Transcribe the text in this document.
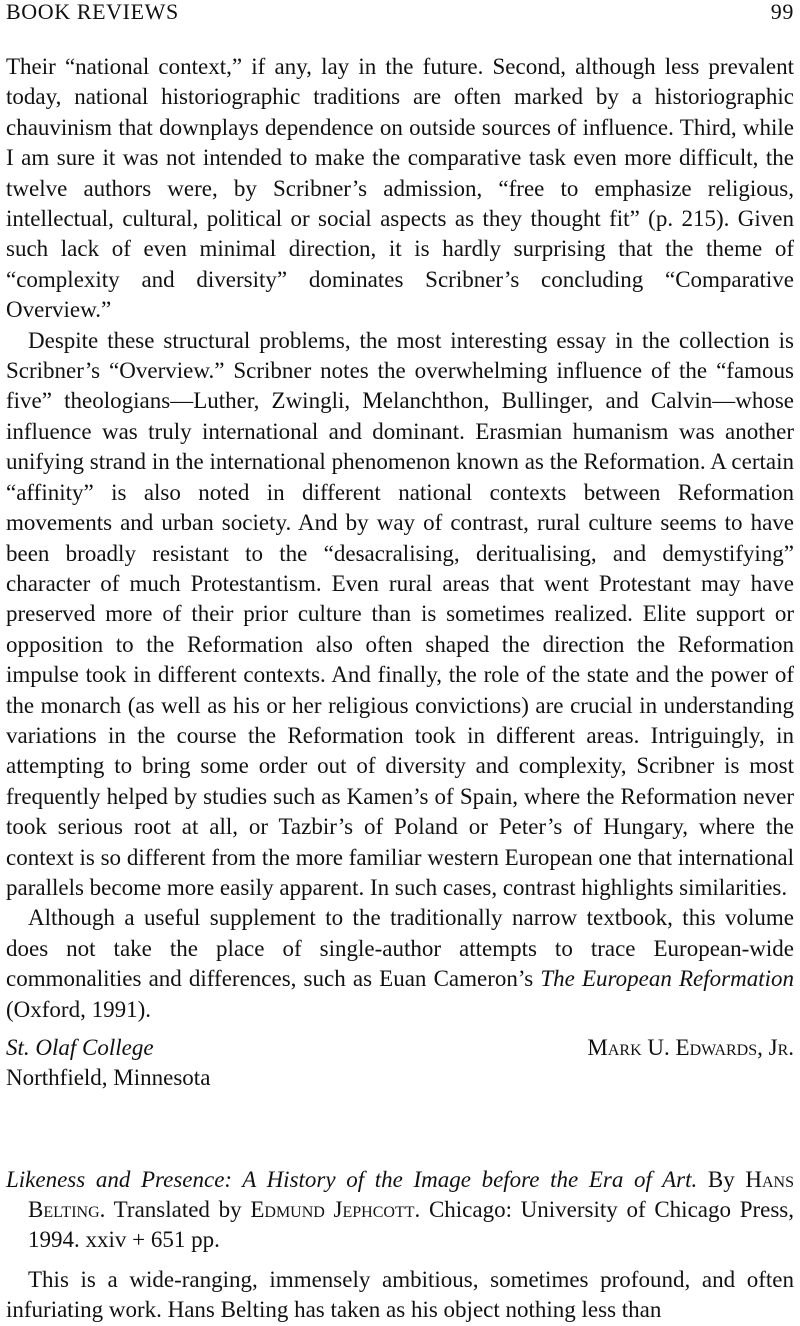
BOOK REVIEWS	99

Their “national context,” if any, lay in the future. Second, although less prevalent today, national historiographic traditions are often marked by a historiographic chauvinism that downplays dependence on outside sources of influence. Third, while I am sure it was not intended to make the comparative task even more difficult, the twelve authors were, by Scribner’s admission, “free to emphasize religious, intellectual, cultural, political or social aspects as they thought fit” (p. 215). Given such lack of even minimal direction, it is hardly surprising that the theme of “complexity and diversity” dominates Scribner’s concluding “Comparative Overview.”

Despite these structural problems, the most interesting essay in the collection is Scribner’s “Overview.” Scribner notes the overwhelming influence of the “famous five” theologians—Luther, Zwingli, Melanchthon, Bullinger, and Calvin—whose influence was truly international and dominant. Erasmian humanism was another unifying strand in the international phenomenon known as the Reformation. A certain “affinity” is also noted in different national contexts between Reformation movements and urban society. And by way of contrast, rural culture seems to have been broadly resistant to the “desacralising, deritualising, and demystifying” character of much Protestantism. Even rural areas that went Protestant may have preserved more of their prior culture than is sometimes realized. Elite support or opposition to the Reformation also often shaped the direction the Reformation impulse took in different contexts. And finally, the role of the state and the power of the monarch (as well as his or her religious convictions) are crucial in understanding variations in the course the Reformation took in different areas. Intriguingly, in attempting to bring some order out of diversity and complexity, Scribner is most frequently helped by studies such as Kamen’s of Spain, where the Reformation never took serious root at all, or Tazbir’s of Poland or Peter’s of Hungary, where the context is so different from the more familiar western European one that international parallels become more easily apparent. In such cases, contrast highlights similarities.

Although a useful supplement to the traditionally narrow textbook, this volume does not take the place of single-author attempts to trace European-wide commonalities and differences, such as Euan Cameron’s The European Reformation (Oxford, 1991).

St. Olaf College	Mark U. Edwards, Jr.
Northfield, Minnesota
Likeness and Presence: A History of the Image before the Era of Art. By Hans Belting. Translated by Edmund Jephcott. Chicago: University of Chicago Press, 1994. xxiv + 651 pp.

This is a wide-ranging, immensely ambitious, sometimes profound, and often infuriating work. Hans Belting has taken as his object nothing less than
